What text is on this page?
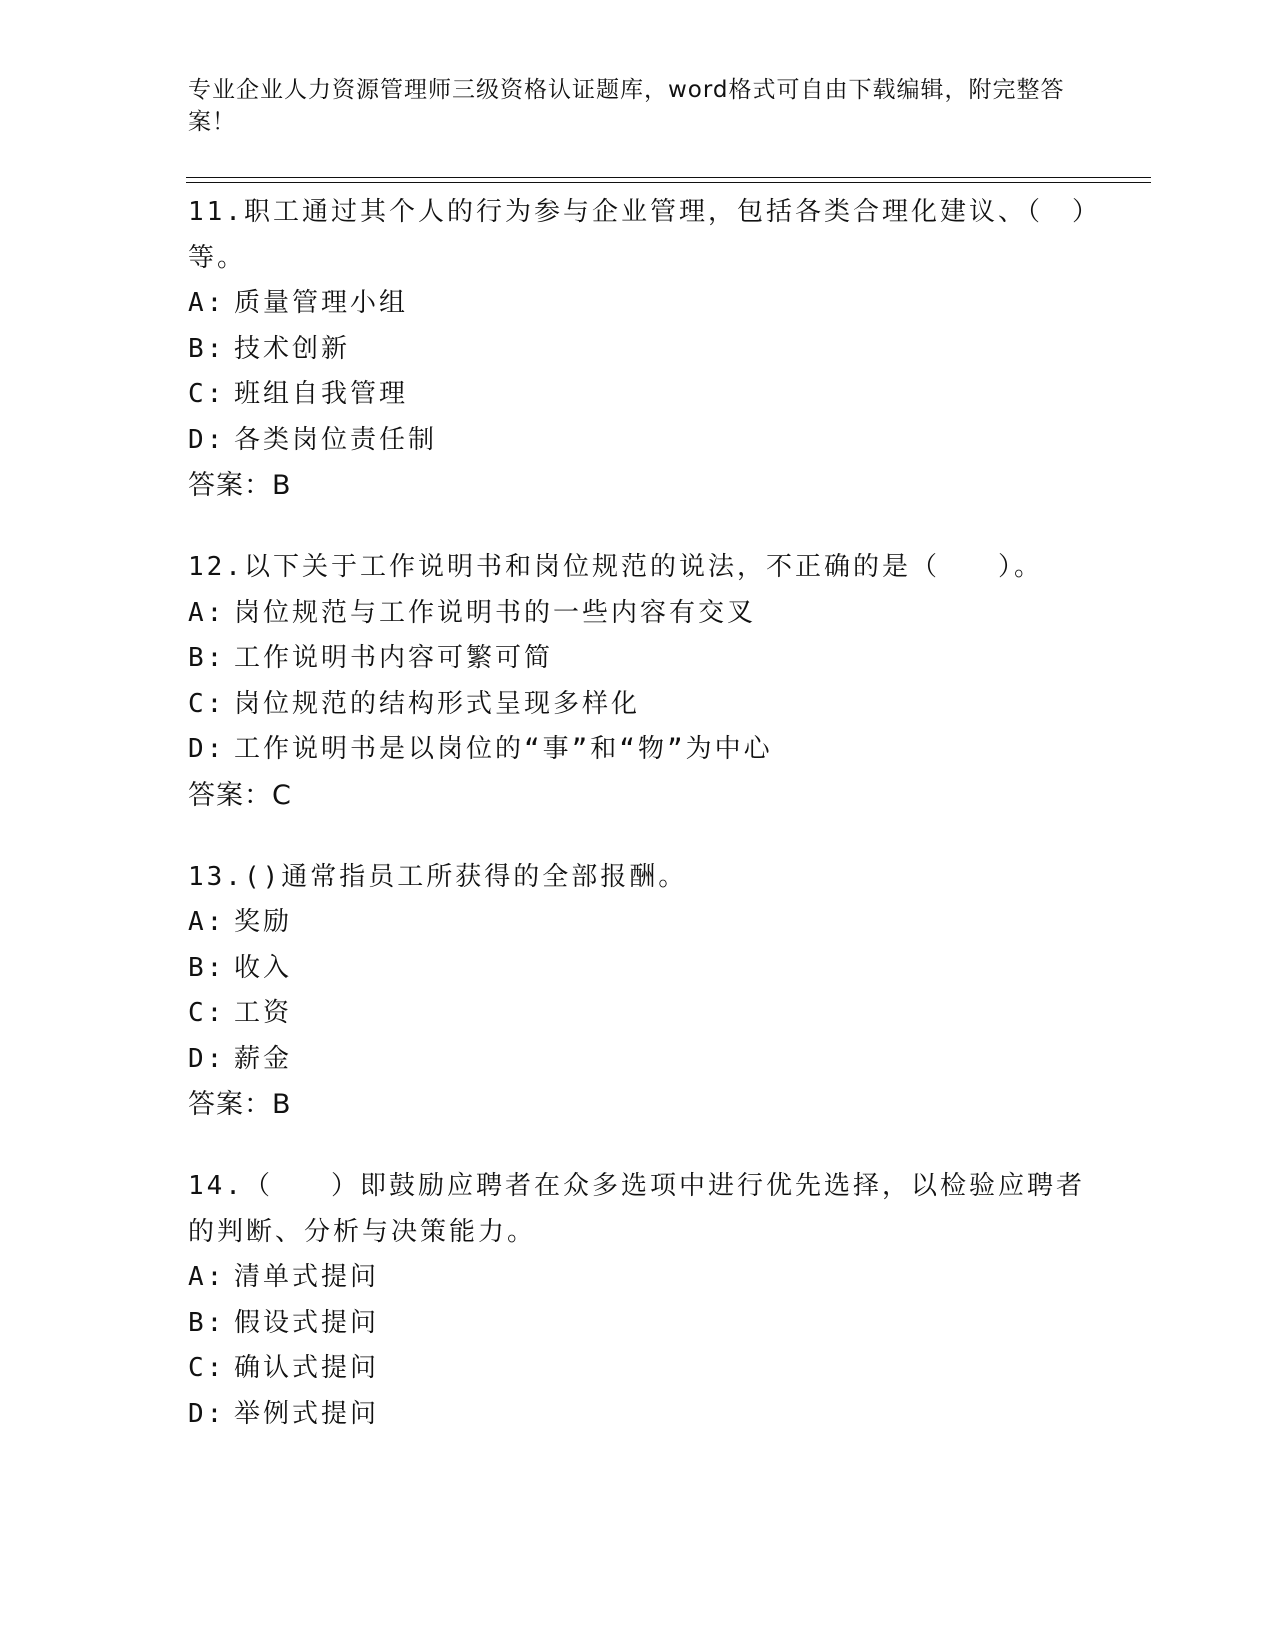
专业企业人力资源管理师三级资格认证题库，word格式可自由下载编辑，附完整答案！
11.职工通过其个人的行为参与企业管理，包括各类合理化建议、（　）等。
A: 质量管理小组
B: 技术创新
C: 班组自我管理
D: 各类岗位责任制
答案：B
12.以下关于工作说明书和岗位规范的说法，不正确的是（　　）。
A: 岗位规范与工作说明书的一些内容有交叉
B: 工作说明书内容可繁可简
C: 岗位规范的结构形式呈现多样化
D: 工作说明书是以岗位的“事”和“物”为中心
答案：C
13.()通常指员工所获得的全部报酬。
A: 奖励
B: 收入
C: 工资
D: 薪金
答案：B
14.（　　）即鼓励应聘者在众多选项中进行优先选择，以检验应聘者的判断、分析与决策能力。
A: 清单式提问
B: 假设式提问
C: 确认式提问
D: 举例式提问
